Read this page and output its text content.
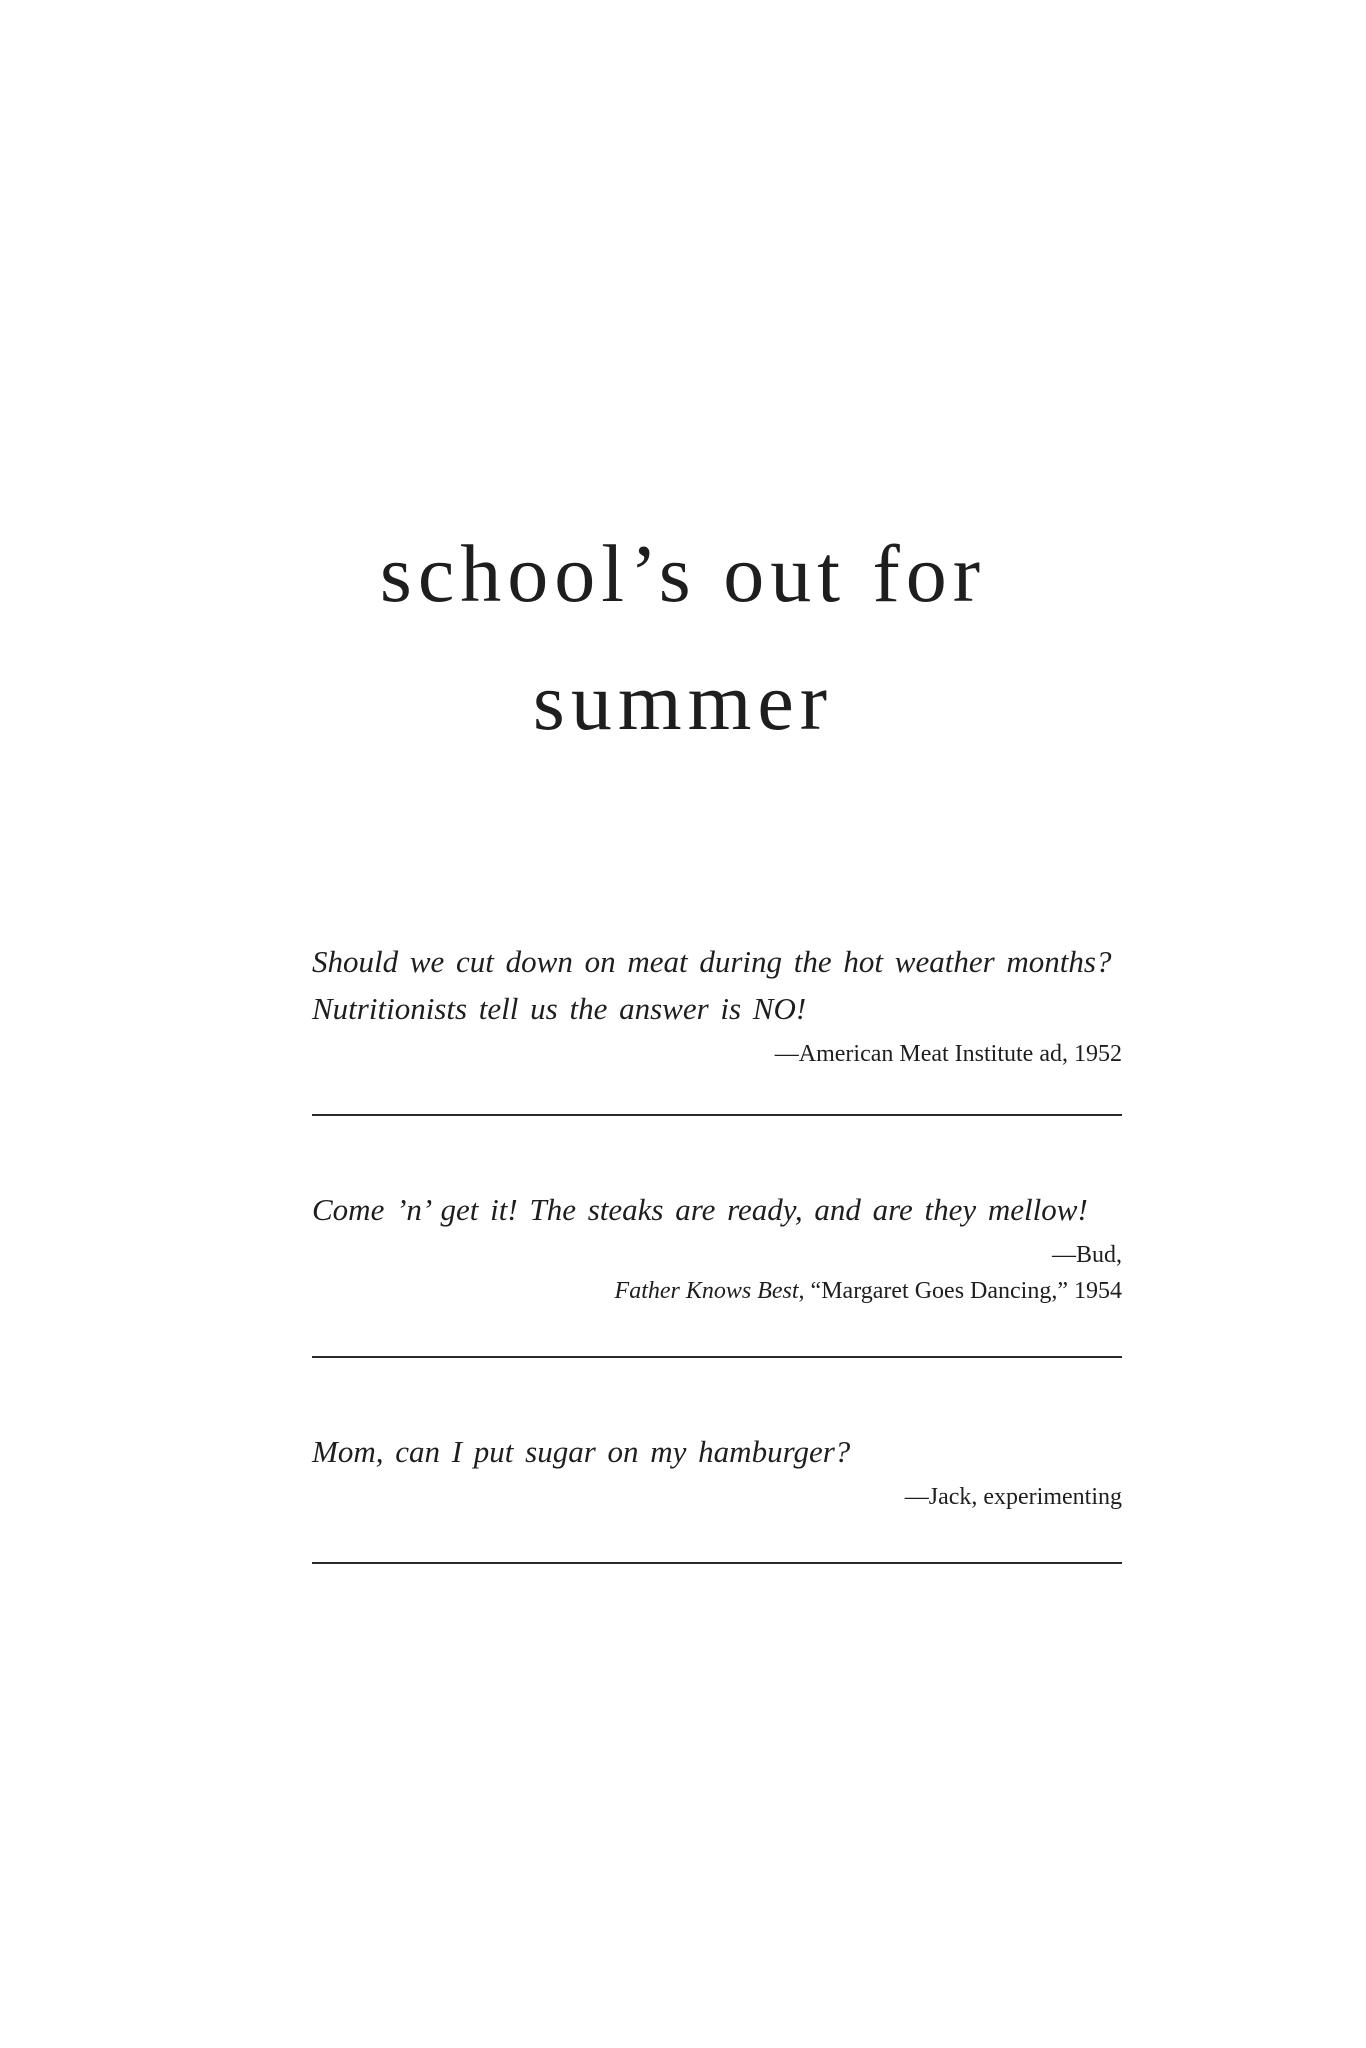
school’s out for
summer

Should we cut down on meat during the hot weather months?
Nutritionists tell us the answer is NO!

—American Meat Institute ad, 1952

Come ’n’ get it! The steaks are ready, and are they mellow!

—Bud,
Father Knows Best, “Margaret Goes Dancing,” 1954

Mom, can I put sugar on my hamburger?

—Jack, experimenting
